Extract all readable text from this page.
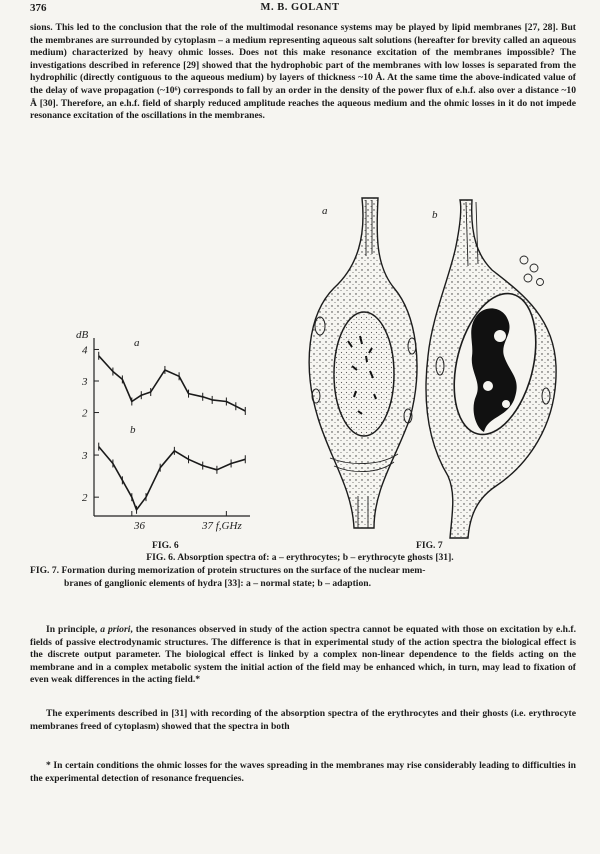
376	M. B. GOLANT
sions. This led to the conclusion that the role of the multimodal resonance systems may be played by lipid membranes [27, 28]. But the membranes are surrounded by cytoplasm – a medium representing aqueous salt solutions (hereafter for brevity called an aqueous medium) characterized by heavy ohmic losses. Does not this make resonance excitation of the membranes impossible? The investigations described in reference [29] showed that the hydrophobic part of the membranes with low losses is separated from the hydrophilic (directly contiguous to the aqueous medium) by layers of thickness ~10 Å. At the same time the above-indicated value of the delay of wave propagation (~10⁶) corresponds to fall by an order in the density of the power flux of e.h.f. also over a distance ~10 Å [30]. Therefore, an e.h.f. field of sharply reduced amplitude reaches the aqueous medium and the ohmic losses in it do not impede resonance excitation of the oscillations in the membranes.
dB
4
3
2
3
2
a
b
36	37 f,GHz
a	b
FIG. 6	FIG. 7
FIG. 6. Absorption spectra of: a – erythrocytes; b – erythrocyte ghosts [31].
FIG. 7. Formation during memorization of protein structures on the surface of the nuclear mem-
branes of ganglionic elements of hydra [33]: a – normal state; b – adaption.
In principle, a priori, the resonances observed in study of the action spectra cannot be equated with those on excitation by e.h.f. fields of passive electrodynamic structures. The difference is that in experimental study of the action spectra the biological effect is the discrete output parameter. The biological effect is linked by a complex non-linear dependence to the fields acting on the membrane and in a complex metabolic system the initial action of the field may be enhanced which, in turn, may lead to fixation of even weak differences in the acting field.*
The experiments described in [31] with recording of the absorption spectra of the erythrocytes and their ghosts (i.e. erythrocyte membranes freed of cytoplasm) showed that the spectra in both
* In certain conditions the ohmic losses for the waves spreading in the membranes may rise considerably leading to difficulties in the experimental detection of resonance frequencies.
